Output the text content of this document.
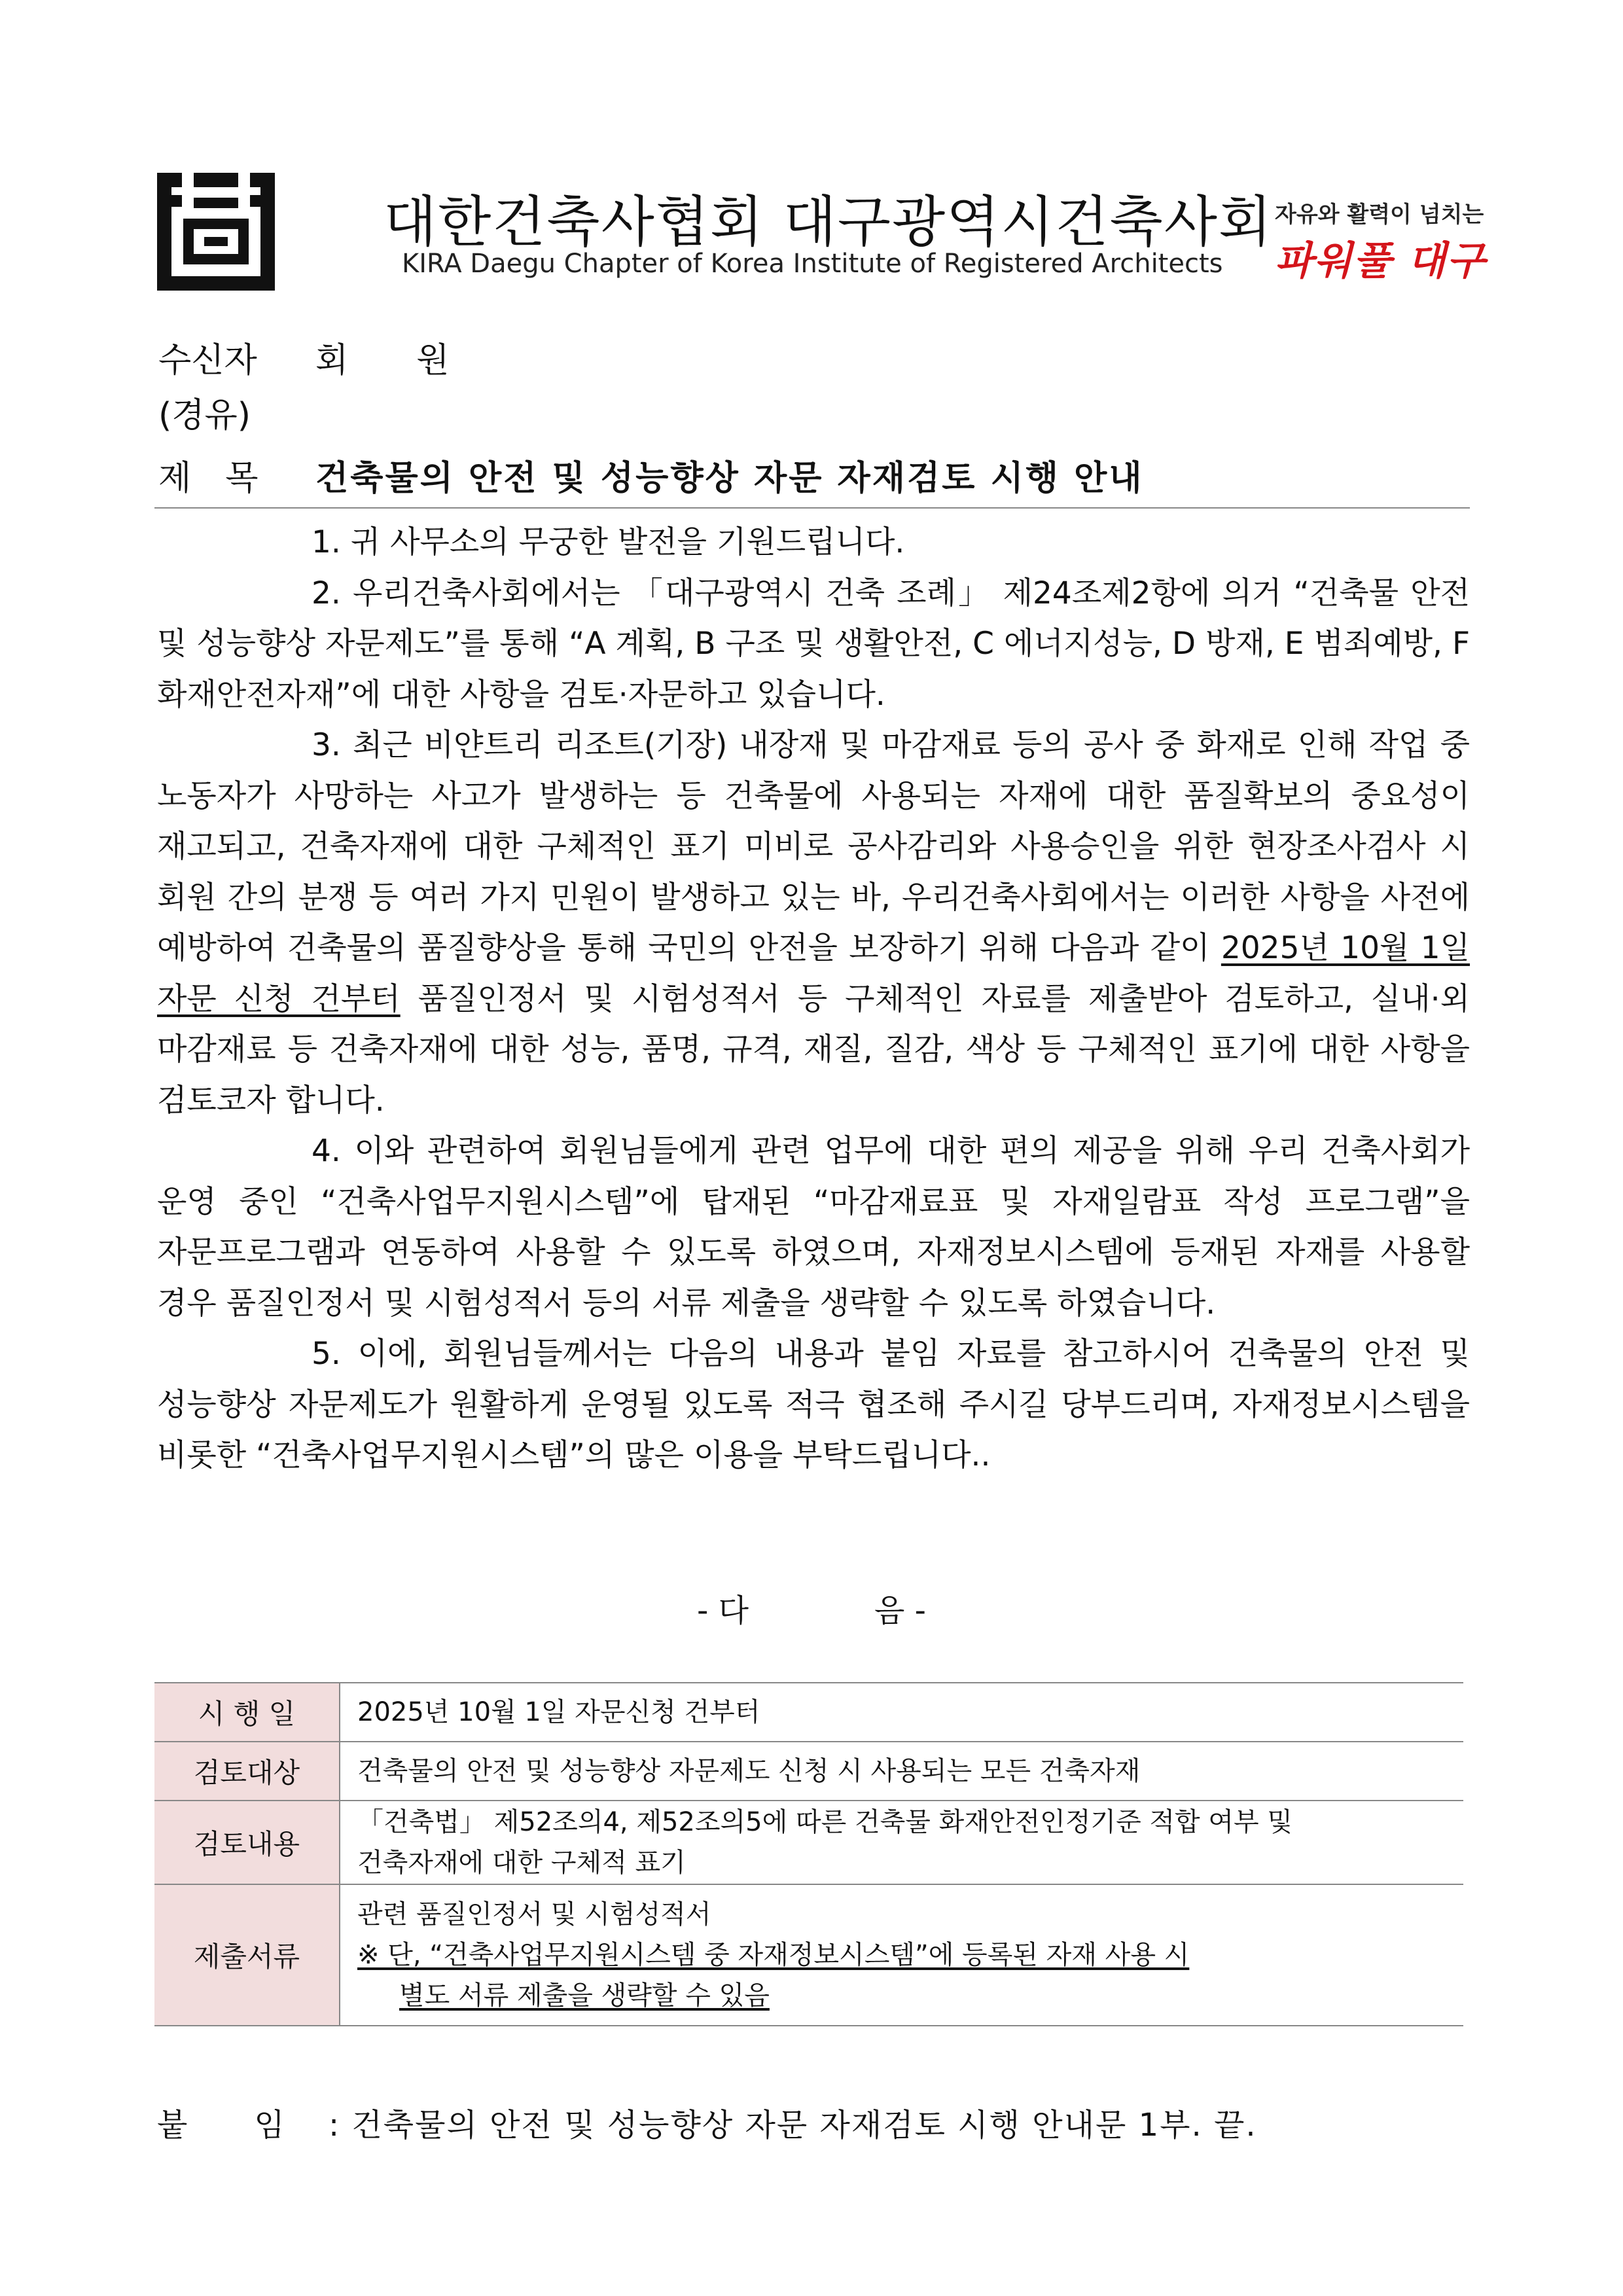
대한건축사협회 대구광역시건축사회
KIRA Daegu Chapter of Korea Institute of Registered Architects
자유와 활력이 넘치는
파워풀 대구
수신자 회　　원
(경유)
제　목 건축물의 안전 및 성능향상 자문 자재검토 시행 안내

1. 귀 사무소의 무궁한 발전을 기원드립니다.

2. 우리건축사회에서는 「대구광역시 건축 조례」 제24조제2항에 의거 “건축물 안전 및 성능향상 자문제도”를 통해 “A 계획, B 구조 및 생활안전, C 에너지성능, D 방재, E 범죄예방, F 화재안전자재”에 대한 사항을 검토·자문하고 있습니다.

3. 최근 비얀트리 리조트(기장) 내장재 및 마감재료 등의 공사 중 화재로 인해 작업 중 노동자가 사망하는 사고가 발생하는 등 건축물에 사용되는 자재에 대한 품질확보의 중요성이 재고되고, 건축자재에 대한 구체적인 표기 미비로 공사감리와 사용승인을 위한 현장조사검사 시 회원 간의 분쟁 등 여러 가지 민원이 발생하고 있는 바, 우리건축사회에서는 이러한 사항을 사전에 예방하여 건축물의 품질향상을 통해 국민의 안전을 보장하기 위해 다음과 같이 2025년 10월 1일 자문 신청 건부터 품질인정서 및 시험성적서 등 구체적인 자료를 제출받아 검토하고, 실내·외 마감재료 등 건축자재에 대한 성능, 품명, 규격, 재질, 질감, 색상 등 구체적인 표기에 대한 사항을 검토코자 합니다.

4. 이와 관련하여 회원님들에게 관련 업무에 대한 편의 제공을 위해 우리 건축사회가 운영 중인 “건축사업무지원시스템”에 탑재된 “마감재료표 및 자재일람표 작성 프로그램”을 자문프로그램과 연동하여 사용할 수 있도록 하였으며, 자재정보시스템에 등재된 자재를 사용할 경우 품질인정서 및 시험성적서 등의 서류 제출을 생략할 수 있도록 하였습니다.

5. 이에, 회원님들께서는 다음의 내용과 붙임 자료를 참고하시어 건축물의 안전 및 성능향상 자문제도가 원활하게 운영될 있도록 적극 협조해 주시길 당부드리며, 자재정보시스템을 비롯한 “건축사업무지원시스템”의 많은 이용을 부탁드립니다..

- 다　　　　음 -
시 행 일	2025년 10월 1일 자문신청 건부터

검토대상	건축물의 안전 및 성능향상 자문제도 신청 시 사용되는 모든 건축자재

검토내용	「건축법」 제52조의4, 제52조의5에 따른 건축물 화재안전인정기준 적합 여부 및
건축자재에 대한 구체적 표기

제출서류	관련 품질인정서 및 시험성적서
※ 단, “건축사업무지원시스템 중 자재정보시스템”에 등록된 자재 사용 시
별도 서류 제출을 생략할 수 있음
붙　　임 : 건축물의 안전 및 성능향상 자문 자재검토 시행 안내문 1부. 끝.
